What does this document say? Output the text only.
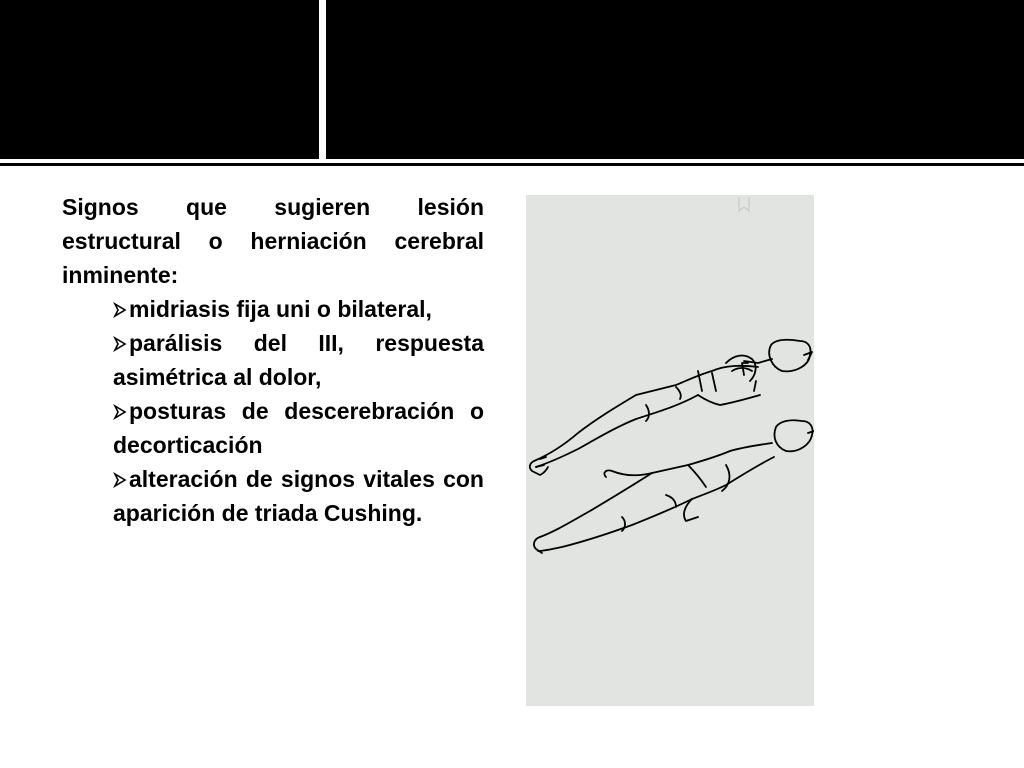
Signos que sugieren lesión estructural o herniación cerebral inminente:

midriasis fija uni o bilateral,
parálisis del III, respuesta asimétrica al dolor,
posturas de descerebración o decorticación
alteración de signos vitales con aparición de triada Cushing.
